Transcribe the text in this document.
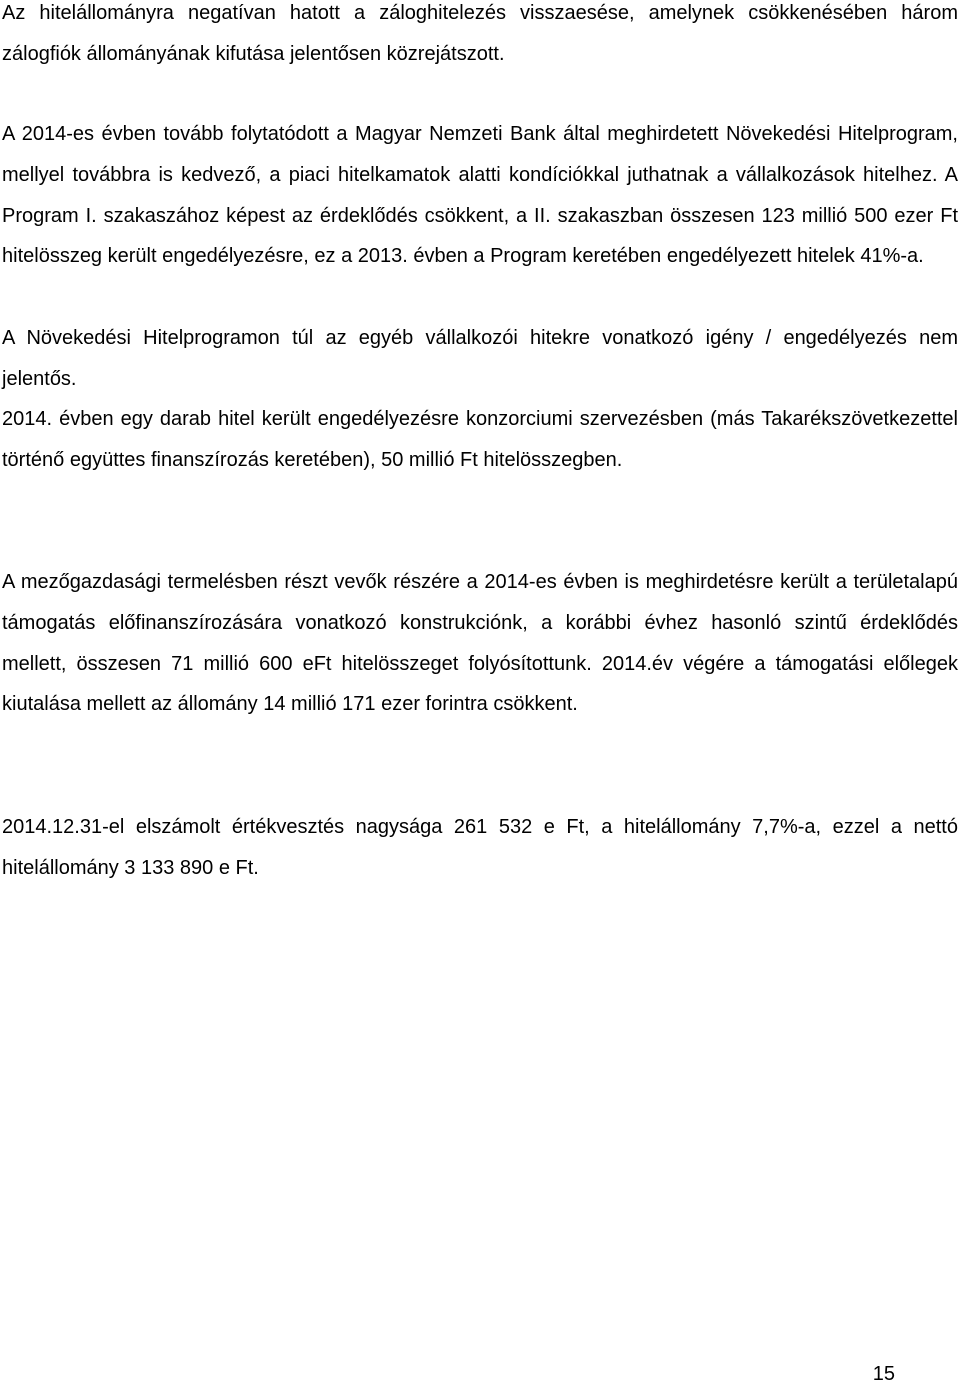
Az hitelállományra negatívan hatott a záloghitelezés visszaesése, amelynek csökkenésében három zálogfiók állományának kifutása jelentősen közrejátszott.

A 2014-es évben tovább folytatódott a Magyar Nemzeti Bank által meghirdetett Növekedési Hitelprogram, mellyel továbbra is kedvező, a piaci hitelkamatok alatti kondíciókkal juthatnak a vállalkozások hitelhez. A Program I. szakaszához képest az érdeklődés csökkent, a II. szakaszban összesen 123 millió 500 ezer Ft hitelösszeg került engedélyezésre, ez a 2013. évben a Program keretében engedélyezett hitelek 41%-a.

A Növekedési Hitelprogramon túl az egyéb vállalkozói hitekre vonatkozó igény / engedélyezés nem jelentős.

2014. évben egy darab hitel került engedélyezésre konzorciumi szervezésben (más Takarékszövetkezettel történő együttes finanszírozás keretében), 50 millió Ft hitelösszegben.

A mezőgazdasági termelésben részt vevők részére a 2014-es évben is meghirdetésre került a területalapú támogatás előfinanszírozására vonatkozó konstrukciónk, a korábbi évhez hasonló szintű érdeklődés mellett, összesen 71 millió 600 eFt hitelösszeget folyósítottunk. 2014.év végére a támogatási előlegek kiutalása mellett az állomány 14 millió 171 ezer forintra csökkent.

2014.12.31-el elszámolt értékvesztés nagysága 261 532 e Ft, a hitelállomány 7,7%-a, ezzel a nettó hitelállomány 3 133 890 e Ft.

15
